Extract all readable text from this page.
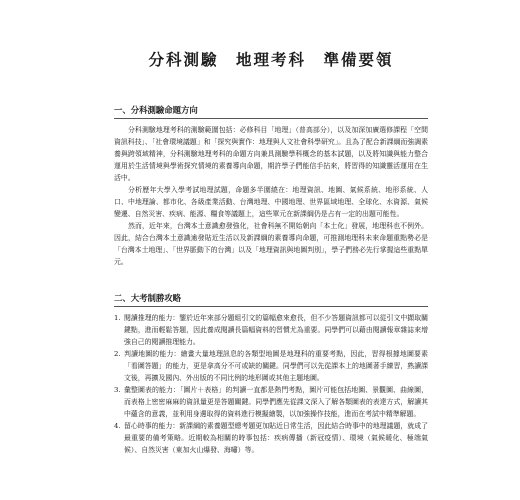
分科測驗　地理考科　準備要領
一、分科測驗命題方向

分科測驗地理考科的測驗範圍包括：必修科目「地理」（普高部分），以及加深加廣選修課程「空間資訊科技」、「社會環境議題」和「探究與實作：地理與人文社會科學研究」。且為了配合新課綱而強調素養與跨領域精神，分科測驗地理考科的命題方向兼具測驗學科概念的基本試題，以及將知識與能力整合運用於生活情境與學術探究情境的素養導向命題，期許學子們能信手拈來，將習得的知識靈活運用在生活中。

分析歷年大學入學考試地理試題，命題多半圍繞在：地理資訊、地圖、氣候系統、地形系統、人口、中地理論、都市化、各級產業活動、台灣地理、中國地理、世界區域地理、全球化、水資源、氣候變遷、自然災害、疾病、能源、糧食等議題上，這些單元在新課綱仍是占有一定的出題可能性。

然而，近年來，台灣本土意識愈發強化，社會科無不開始朝向「本土化」發展，地理科也不例外。因此，結合台灣本土意識逾發貼近生活以及新課綱的素養導向命題，可推測地理科未來命題重點勢必是「台灣本土地理」、「世界脈動下的台灣」以及「地理資訊與地圖判別」，學子們務必先行掌握這些重點單元。

二、大考制勝攻略
1. 閱讀推理的能力：鑒於近年來部分題組引文的篇幅愈來愈長，但不少答題資訊都可以從引文中擷取關鍵點，進而輕鬆答題，因此養成閱讀長篇幅資料的習慣尤為重要。同學們可以藉由閱讀報章雜誌來增強自己的閱讀推理能力。
2. 判讀地圖的能力：繪畫大量地理訊息的各類型地圖是地理科的重要考點，因此，習得根據地圖要素「看圖答題」的能力，更是拿高分不可或缺的關鍵。同學們可以先從課本上的地圖著手練習，熟讀課文後，再擴及國內、外出版的不同比例的地形圖或其他主題地圖。
3. 彙整圖表的能力：「圖片＋表格」的判讀一直都是熱門考點，圖片可能包括地圖、景觀圖、曲線圖，而表格上密密麻麻的資訊量更是答題關鍵。同學們應先從課文深入了解各類圖表的表達方式，解讀其中蘊含的意義，並利用身邊取得的資料進行模擬繪製，以加強操作技能，進而在考試中精準解題。
4. 留心時事的能力：新課綱的素養題型總考題更加貼近日常生活，因此結合時事中的地理議題，就成了最重要的備考策略。近期較為相關的時事包括：疾病傳播（新冠疫情）、環境（氣候暖化、極端氣候）、自然災害（東加火山爆發、海嘯）等。
